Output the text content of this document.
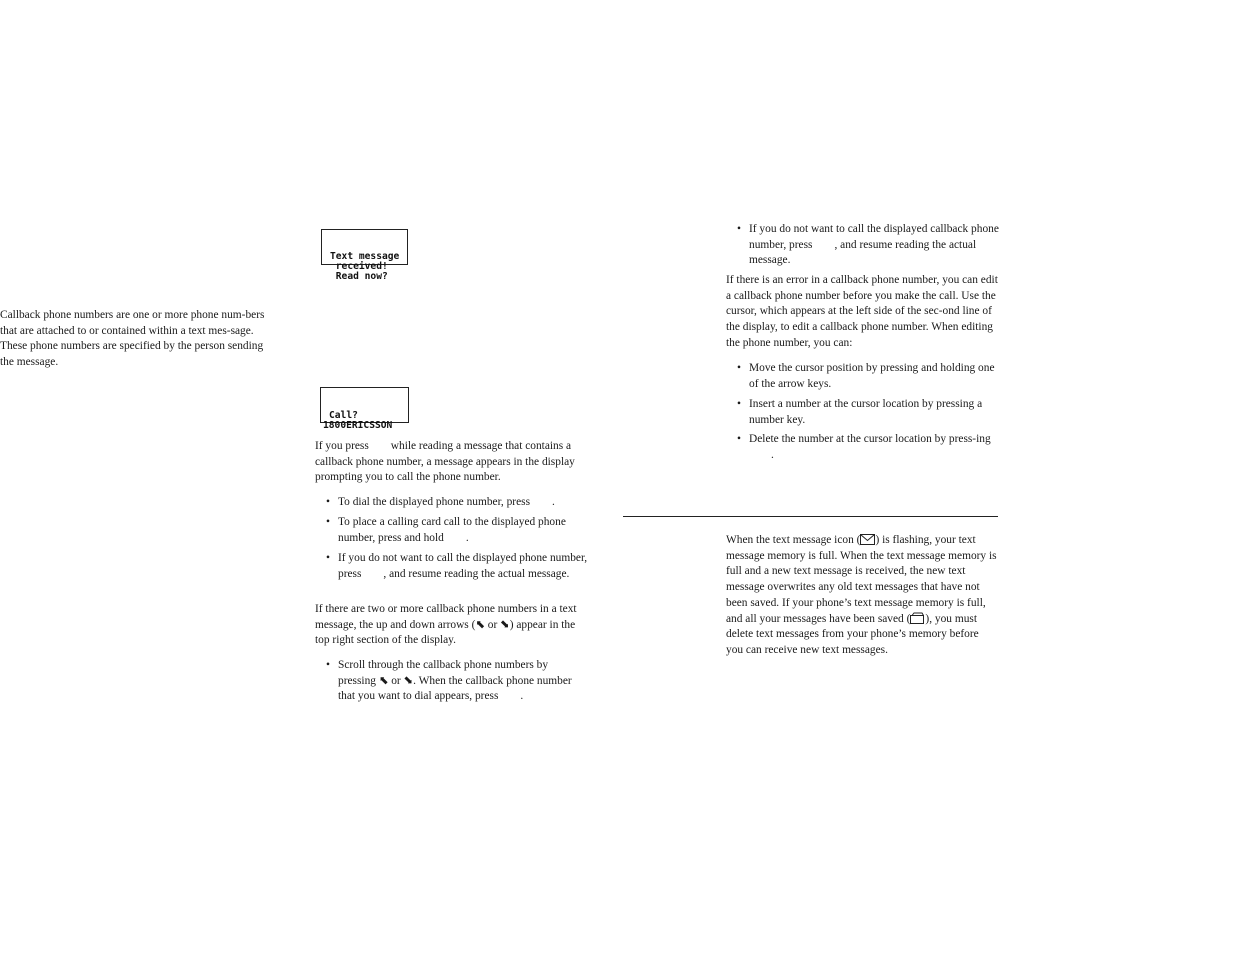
Text message
received!
Read now?

Callback phone numbers are one or more phone num-bers that are attached to or contained within a text mes-sage. These phone numbers are specified by the person sending the message.

Call?
1800ERICSSON

If you press while reading a message that contains a callback phone number, a message appears in the display prompting you to call the phone number.

• To dial the displayed phone number, press .
• To place a calling card call to the displayed phone number, press and hold .
• If you do not want to call the displayed phone number, press , and resume reading the actual message.

If there are two or more callback phone numbers in a text message, the up and down arrows (⬉ or ⬊) appear in the top right section of the display.

• Scroll through the callback phone numbers by pressing ⬉ or ⬊. When the callback phone number that you want to dial appears, press .
• If you do not want to call the displayed callback phone number, press , and resume reading the actual message.

If there is an error in a callback phone number, you can edit a callback phone number before you make the call. Use the cursor, which appears at the left side of the sec-ond line of the display, to edit a callback phone number. When editing the phone number, you can:

• Move the cursor position by pressing and holding one of the arrow keys.
• Insert a number at the cursor location by pressing a number key.
• Delete the number at the cursor location by press-ing.

When the text message icon ( ) is flashing, your text message memory is full. When the text message memory is full and a new text message is received, the new text message overwrites any old text messages that have not been saved. If your phone’s text message memory is full, and all your messages have been saved ( ), you must delete text messages from your phone’s memory before you can receive new text messages.
